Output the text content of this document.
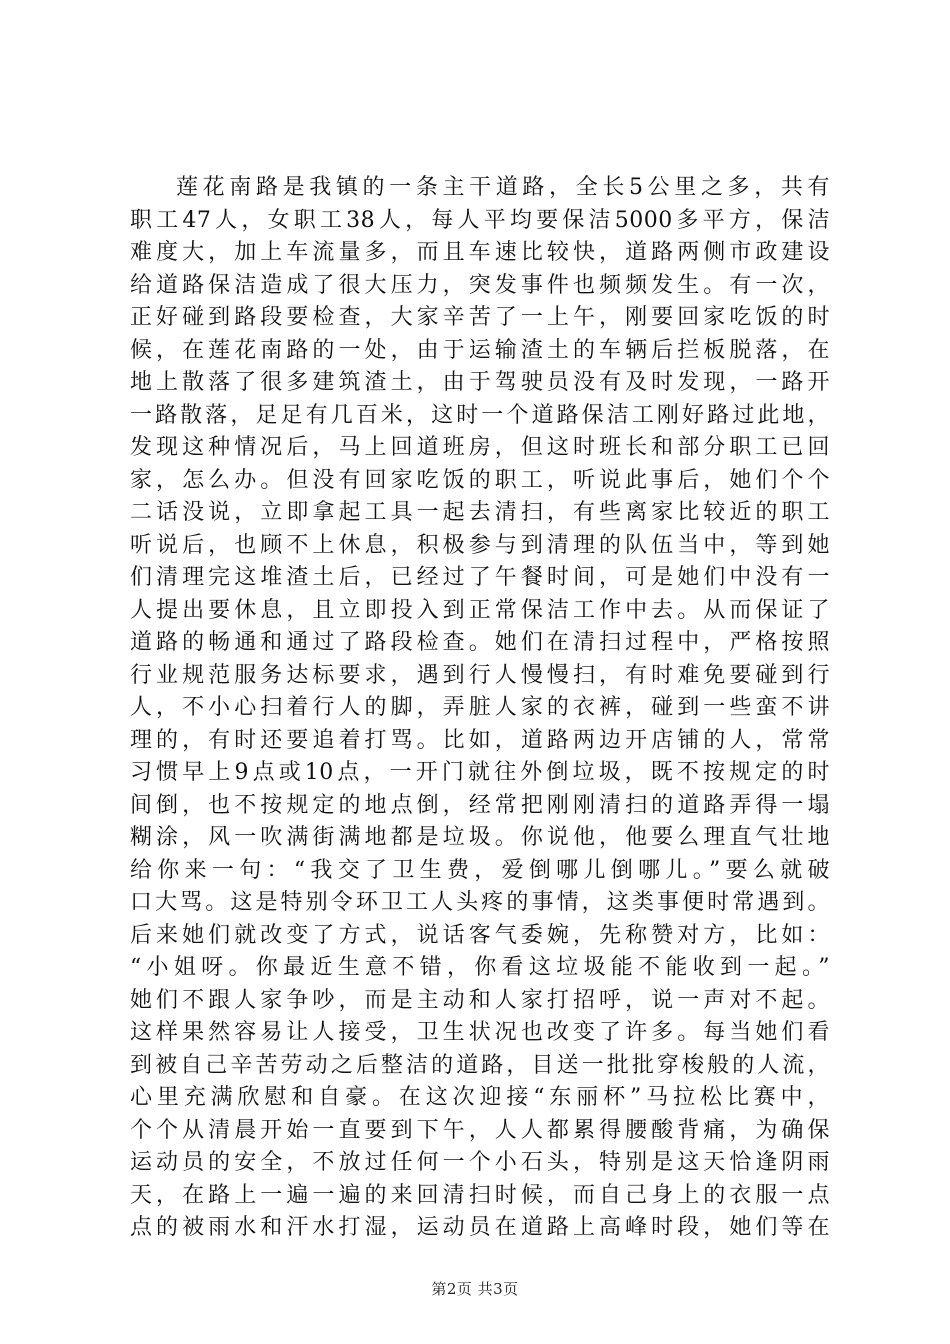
莲花南路是我镇的一条主干道路，全长5公里之多，共有
职工47人，女职工38人，每人平均要保洁5000多平方，保洁
难度大，加上车流量多，而且车速比较快，道路两侧市政建设
给道路保洁造成了很大压力，突发事件也频频发生。有一次，
正好碰到路段要检查，大家辛苦了一上午，刚要回家吃饭的时
候，在莲花南路的一处，由于运输渣土的车辆后拦板脱落，在
地上散落了很多建筑渣土，由于驾驶员没有及时发现，一路开
一路散落，足足有几百米，这时一个道路保洁工刚好路过此地，
发现这种情况后，马上回道班房，但这时班长和部分职工已回
家，怎么办。但没有回家吃饭的职工，听说此事后，她们个个
二话没说，立即拿起工具一起去清扫，有些离家比较近的职工
听说后，也顾不上休息，积极参与到清理的队伍当中，等到她
们清理完这堆渣土后，已经过了午餐时间，可是她们中没有一
人提出要休息，且立即投入到正常保洁工作中去。从而保证了
道路的畅通和通过了路段检查。她们在清扫过程中，严格按照
行业规范服务达标要求，遇到行人慢慢扫，有时难免要碰到行
人，不小心扫着行人的脚，弄脏人家的衣裤，碰到一些蛮不讲
理的，有时还要追着打骂。比如，道路两边开店铺的人，常常
习惯早上9点或10点，一开门就往外倒垃圾，既不按规定的时
间倒，也不按规定的地点倒，经常把刚刚清扫的道路弄得一塌
糊涂，风一吹满街满地都是垃圾。你说他，他要么理直气壮地
给你来一句：“我交了卫生费，爱倒哪儿倒哪儿。”要么就破
口大骂。这是特别令环卫工人头疼的事情，这类事便时常遇到。
后来她们就改变了方式，说话客气委婉，先称赞对方，比如：
“小姐呀。你最近生意不错，你看这垃圾能不能收到一起。”
她们不跟人家争吵，而是主动和人家打招呼，说一声对不起。
这样果然容易让人接受，卫生状况也改变了许多。每当她们看
到被自己辛苦劳动之后整洁的道路，目送一批批穿梭般的人流，
心里充满欣慰和自豪。在这次迎接“东丽杯”马拉松比赛中，
个个从清晨开始一直要到下午，人人都累得腰酸背痛，为确保
运动员的安全，不放过任何一个小石头，特别是这天恰逢阴雨
天，在路上一遍一遍的来回清扫时候，而自己身上的衣服一点
点的被雨水和汗水打湿，运动员在道路上高峰时段，她们等在
第2页 共3页
